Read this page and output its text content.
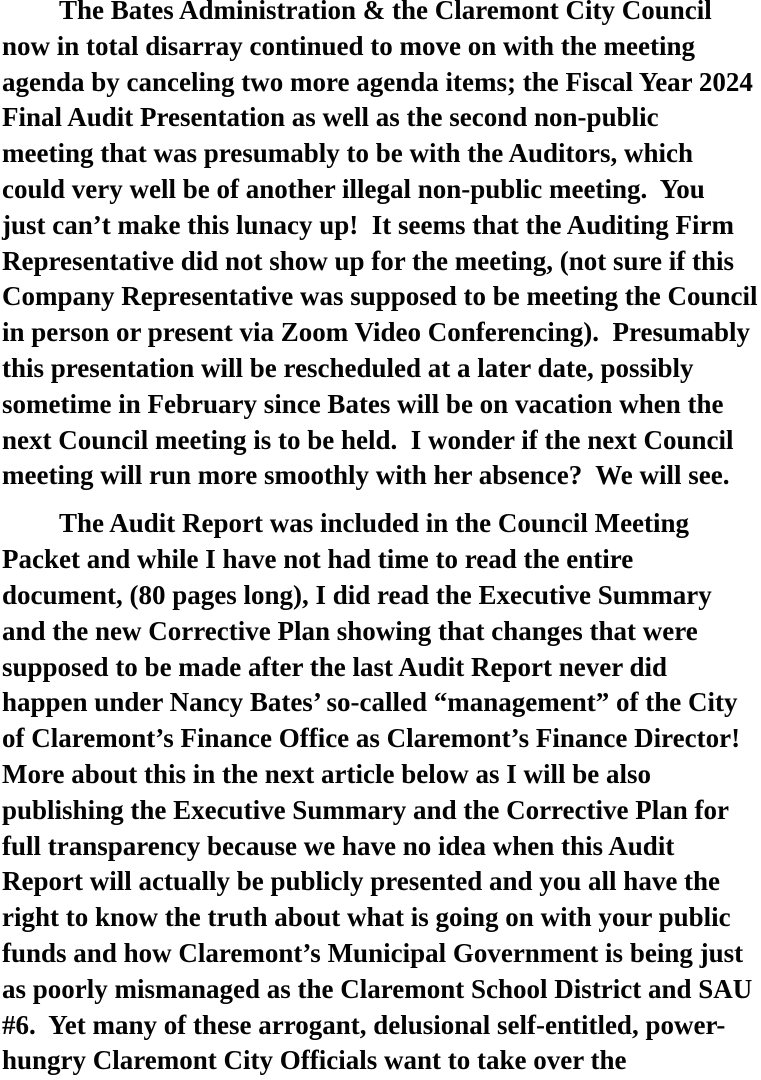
The Bates Administration & the Claremont City Council
now in total disarray continued to move on with the meeting
agenda by canceling two more agenda items; the Fiscal Year 2024
Final Audit Presentation as well as the second non-public
meeting that was presumably to be with the Auditors, which
could very well be of another illegal non-public meeting.  You
just can’t make this lunacy up!  It seems that the Auditing Firm
Representative did not show up for the meeting, (not sure if this
Company Representative was supposed to be meeting the Council
in person or present via Zoom Video Conferencing).  Presumably
this presentation will be rescheduled at a later date, possibly
sometime in February since Bates will be on vacation when the
next Council meeting is to be held.  I wonder if the next Council
meeting will run more smoothly with her absence?  We will see.

The Audit Report was included in the Council Meeting
Packet and while I have not had time to read the entire
document, (80 pages long), I did read the Executive Summary
and the new Corrective Plan showing that changes that were
supposed to be made after the last Audit Report never did
happen under Nancy Bates’ so-called “management” of the City
of Claremont’s Finance Office as Claremont’s Finance Director!
More about this in the next article below as I will be also
publishing the Executive Summary and the Corrective Plan for
full transparency because we have no idea when this Audit
Report will actually be publicly presented and you all have the
right to know the truth about what is going on with your public
funds and how Claremont’s Municipal Government is being just
as poorly mismanaged as the Claremont School District and SAU
#6.  Yet many of these arrogant, delusional self-entitled, power-
hungry Claremont City Officials want to take over the
